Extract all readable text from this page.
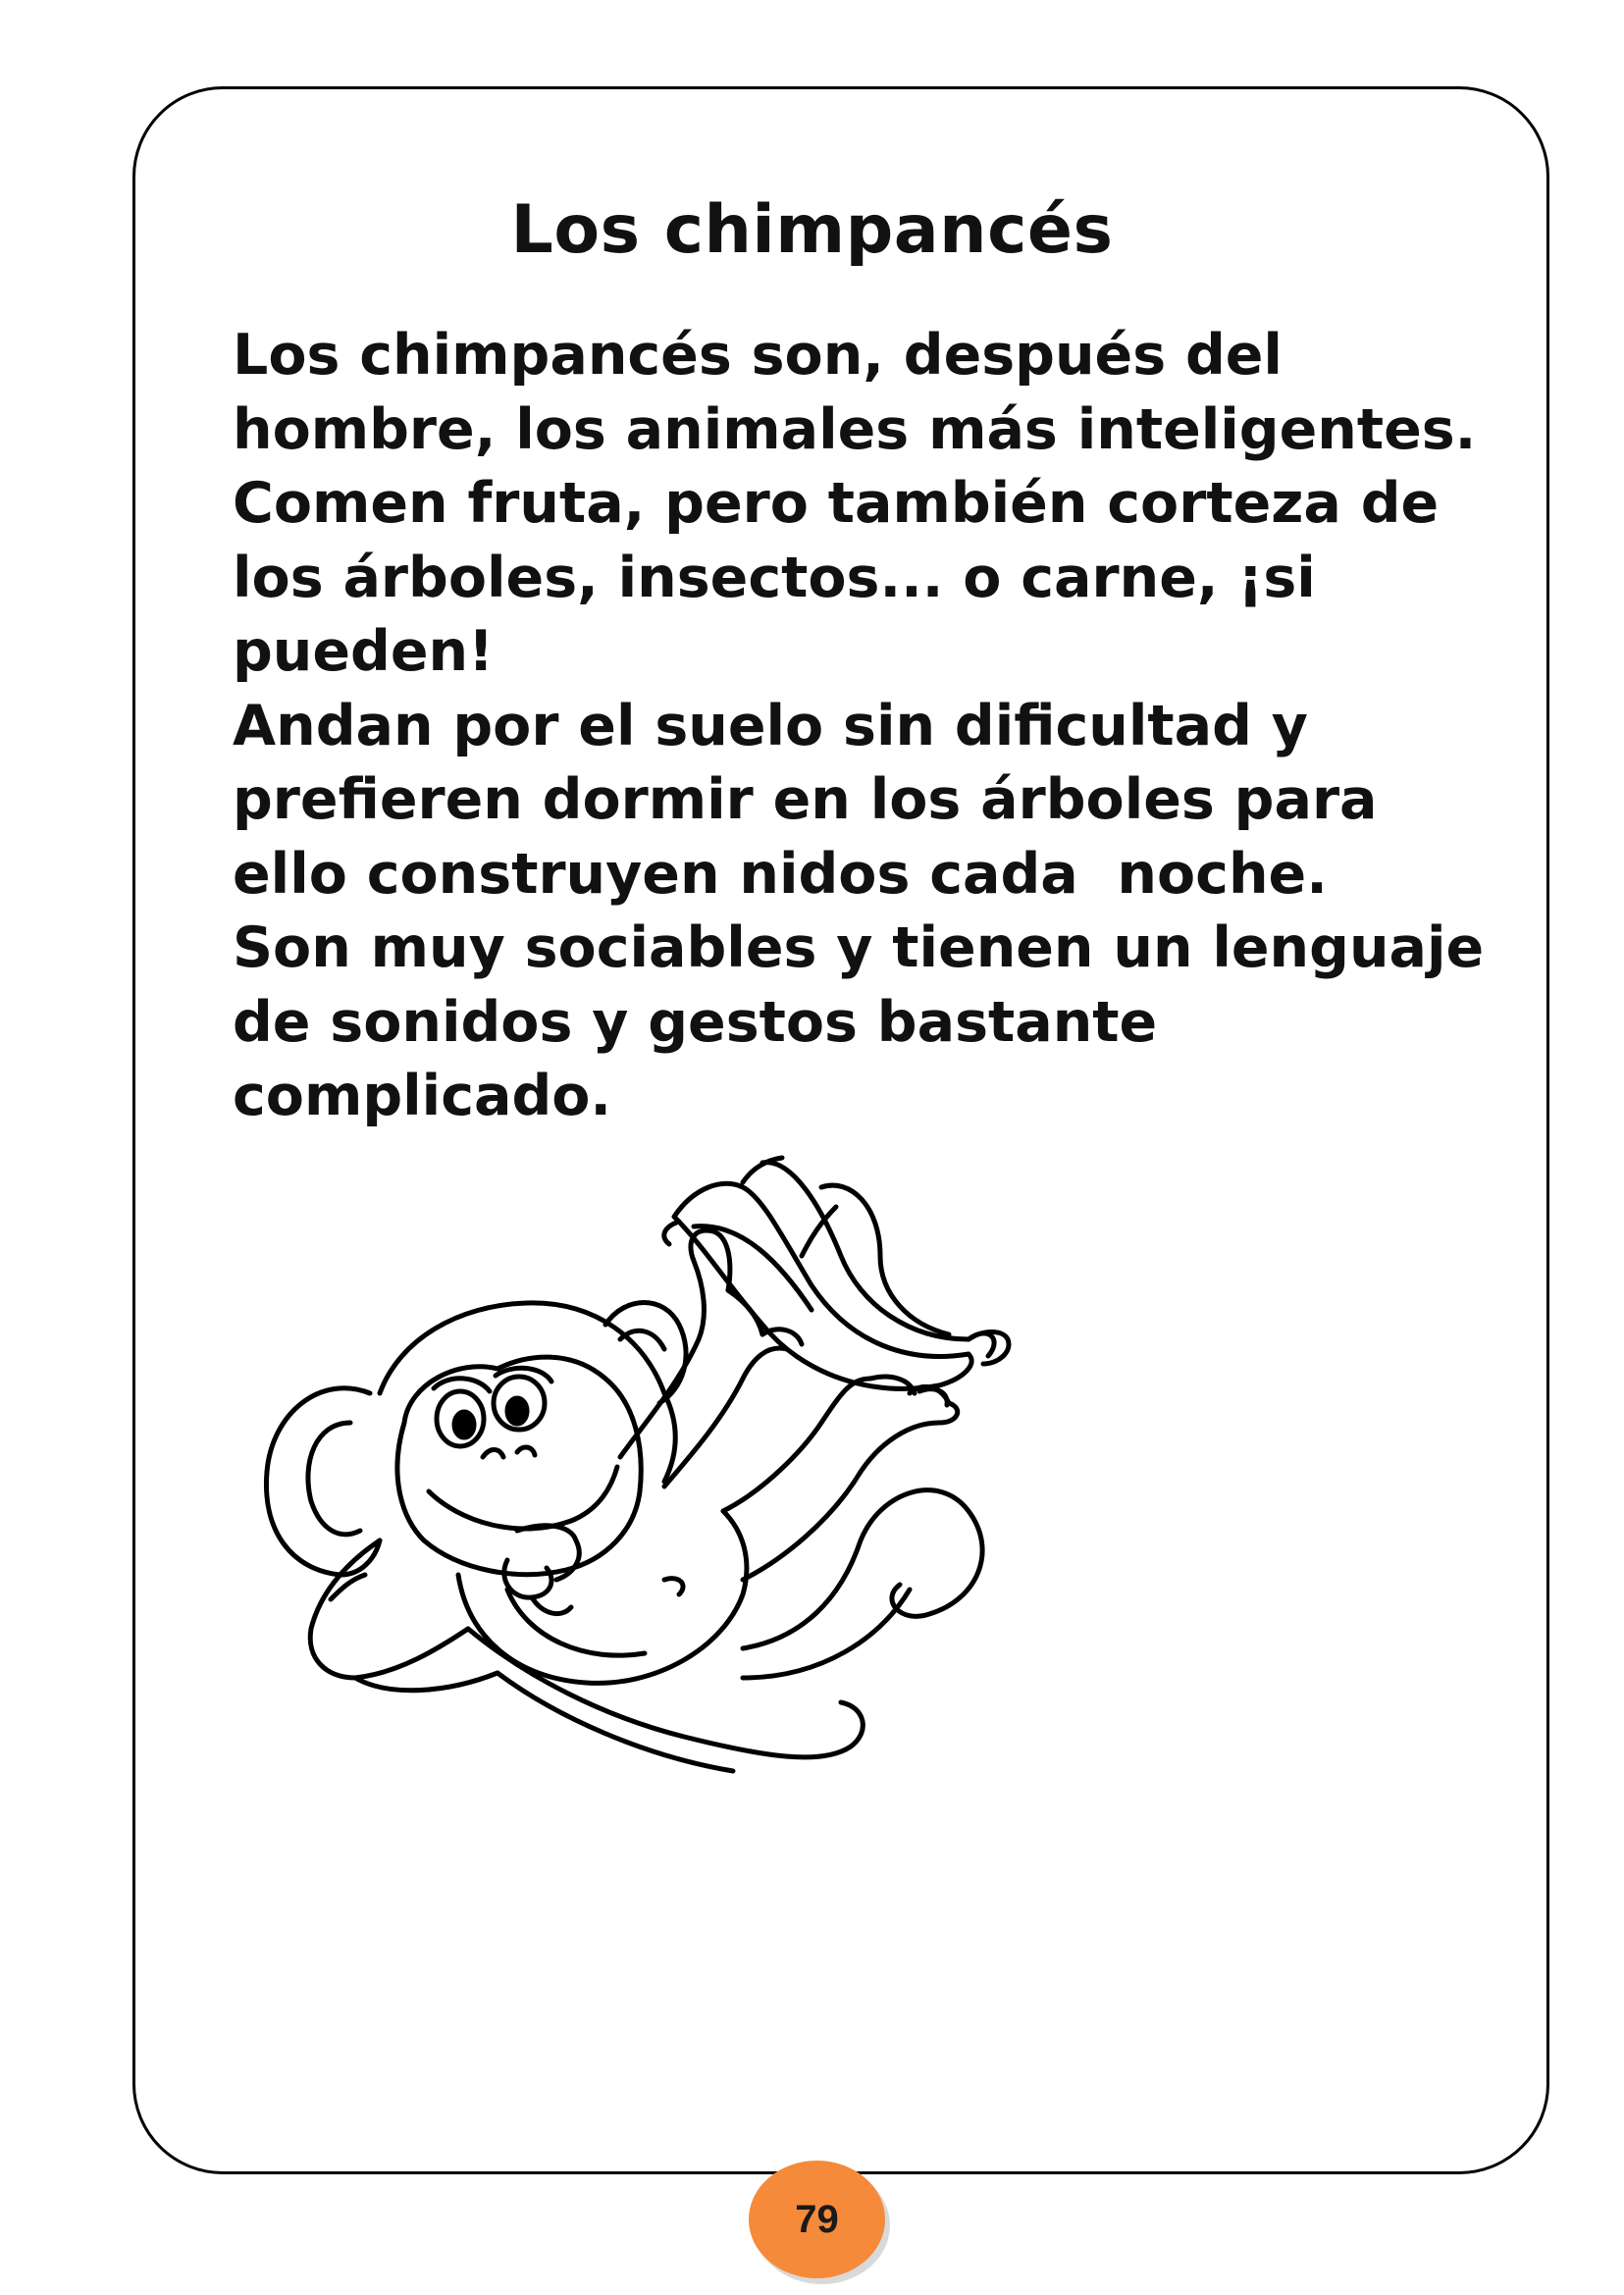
Los chimpancés
Los chimpancés son, después del
hombre, los animales más inteligentes.
Comen fruta, pero también corteza de
los árboles, insectos... o carne, ¡si
pueden!
Andan por el suelo sin dificultad y
prefieren dormir en los árboles para
ello construyen nidos cada  noche.
Son muy sociables y tienen un lenguaje
de sonidos y gestos bastante
complicado.
79
